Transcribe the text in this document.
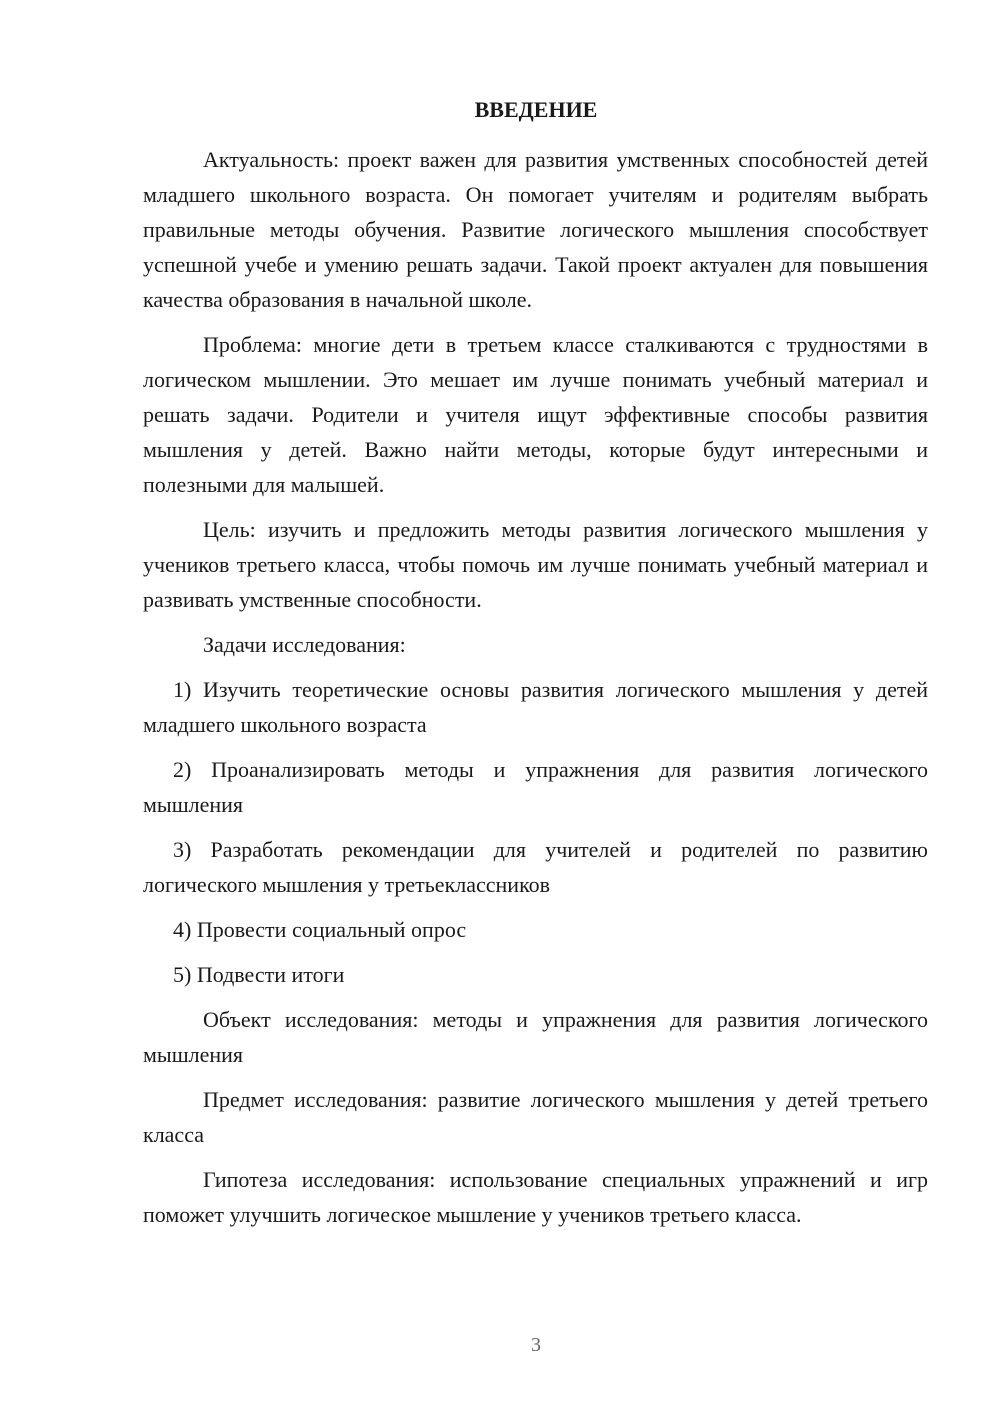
ВВЕДЕНИЕ

Актуальность: проект важен для развития умственных способностей детей младшего школьного возраста. Он помогает учителям и родителям выбрать правильные методы обучения. Развитие логического мышления способствует успешной учебе и умению решать задачи. Такой проект актуален для повышения качества образования в начальной школе.

Проблема: многие дети в третьем классе сталкиваются с трудностями в логическом мышлении. Это мешает им лучше понимать учебный материал и решать задачи. Родители и учителя ищут эффективные способы развития мышления у детей. Важно найти методы, которые будут интересными и полезными для малышей.

Цель: изучить и предложить методы развития логического мышления у учеников третьего класса, чтобы помочь им лучше понимать учебный материал и развивать умственные способности.

Задачи исследования:

1) Изучить теоретические основы развития логического мышления у детей младшего школьного возраста

2) Проанализировать методы и упражнения для развития логического мышления

3) Разработать рекомендации для учителей и родителей по развитию логического мышления у третьеклассников

4) Провести социальный опрос

5) Подвести итоги

Объект исследования: методы и упражнения для развития логического мышления

Предмет исследования: развитие логического мышления у детей третьего класса

Гипотеза исследования: использование специальных упражнений и игр поможет улучшить логическое мышление у учеников третьего класса.

3
